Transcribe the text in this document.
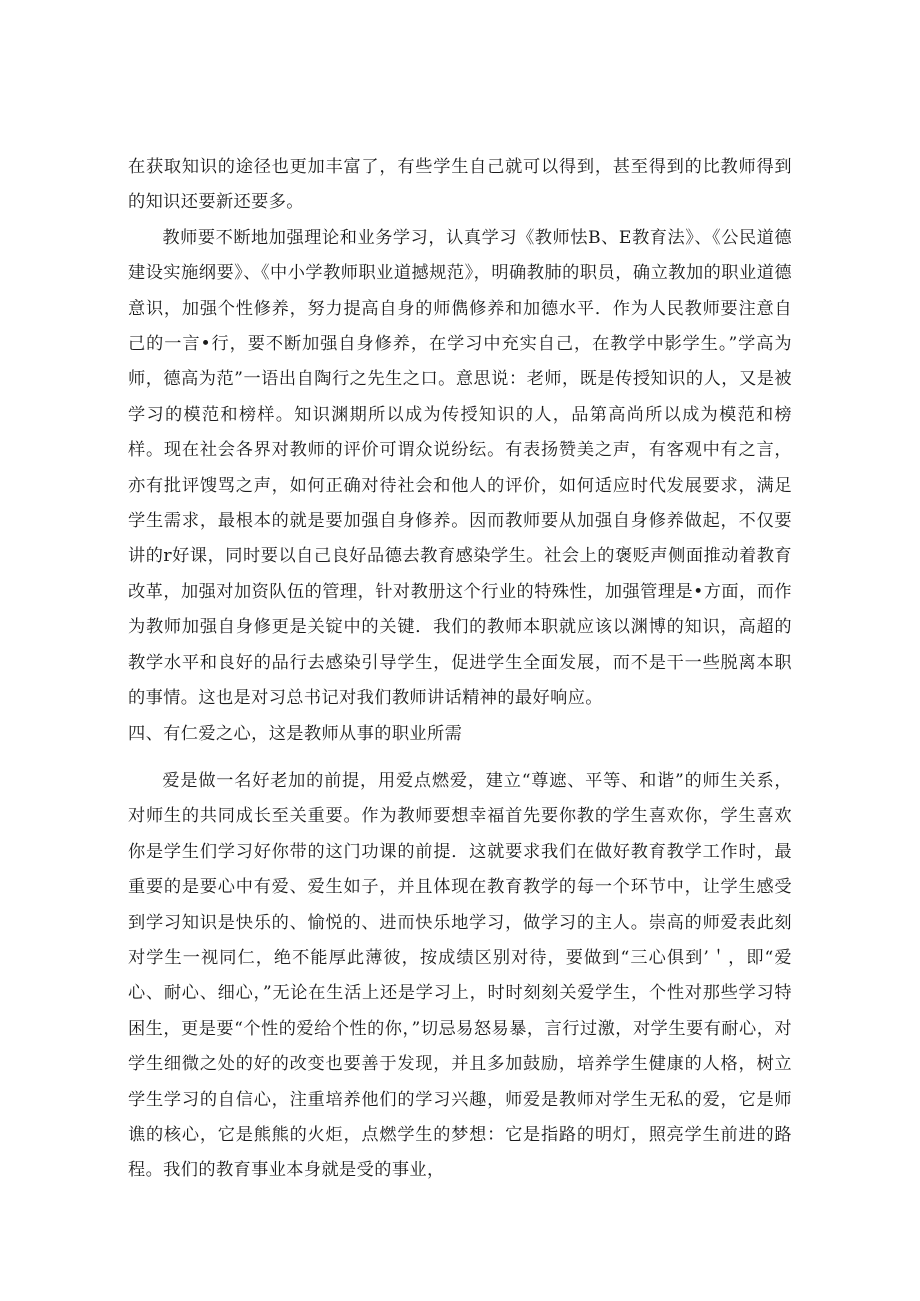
在获取知识的途径也更加丰富了，有些学生自己就可以得到，甚至得到的比教师得到的知识还要新还要多。

教师要不断地加强理论和业务学习，认真学习《教师怯B、E教育法》、《公民道德建设实施纲要》、《中小学教师职业道撼规范》，明确教肺的职员，确立教加的职业道德意识，加强个性修养，努力提高自身的师儁修养和加德水平．作为人民教师要注意自己的一言•行，要不断加强自身修养，在学习中充实自己，在教学中影学生。”学高为师，德高为范”一语出自陶行之先生之口。意思说：老师，既是传授知识的人，又是被学习的模范和榜样。知识渊期所以成为传授知识的人，品第高尚所以成为模范和榜样。现在社会各界对教师的评价可谓众说纷纭。有表扬赞美之声，有客观中有之言，亦有批评馊骂之声，如何正确对待社会和他人的评价，如何适应时代发展要求，满足学生需求，最根本的就是要加强自身修养。因而教师要从加强自身修养做起，不仅要讲的r好课，同时要以自己良好品德去教育感染学生。社会上的褒贬声侧面推动着教育改革，加强对加资队伍的管理，针对教册这个行业的特殊性，加强管理是•方面，而作为教师加强自身修更是关锭中的关键．我们的教师本职就应该以渊博的知识，高超的教学水平和良好的品行去感染引导学生，促进学生全面发展，而不是干一些脱离本职的事情。这也是对习总书记对我们教师讲话精神的最好响应。

四、有仁爱之心，这是教师从事的职业所需

爱是做一名好老加的前提，用爱点燃爱，建立“尊遮、平等、和谐”的师生关系，对师生的共同成长至关重要。作为教师要想幸福首先要你教的学生喜欢你，学生喜欢你是学生们学习好你带的这门功课的前提．这就要求我们在做好教育教学工作时，最重要的是要心中有爱、爱生如子，并且体现在教育教学的每一个环节中，让学生感受到学习知识是快乐的、愉悦的、进而快乐地学习，做学习的主人。崇高的师爱表此刻对学生一视同仁，绝不能厚此薄彼，按成绩区别对待，要做到“三心俱到’＇，即“爱心、耐心、细心，”无论在生活上还是学习上，时时刻刻关爱学生，个性对那些学习特困生，更是要“个性的爱给个性的你，”切忌易怒易暴，言行过激，对学生要有耐心，对学生细微之处的好的改变也要善于发现，并且多加鼓励，培养学生健康的人格，树立学生学习的自信心，注重培养他们的学习兴趣，师爱是教师对学生无私的爱，它是师谯的核心，它是熊熊的火炬，点燃学生的梦想：它是指路的明灯，照亮学生前进的路程。我们的教育事业本身就是受的事业，
